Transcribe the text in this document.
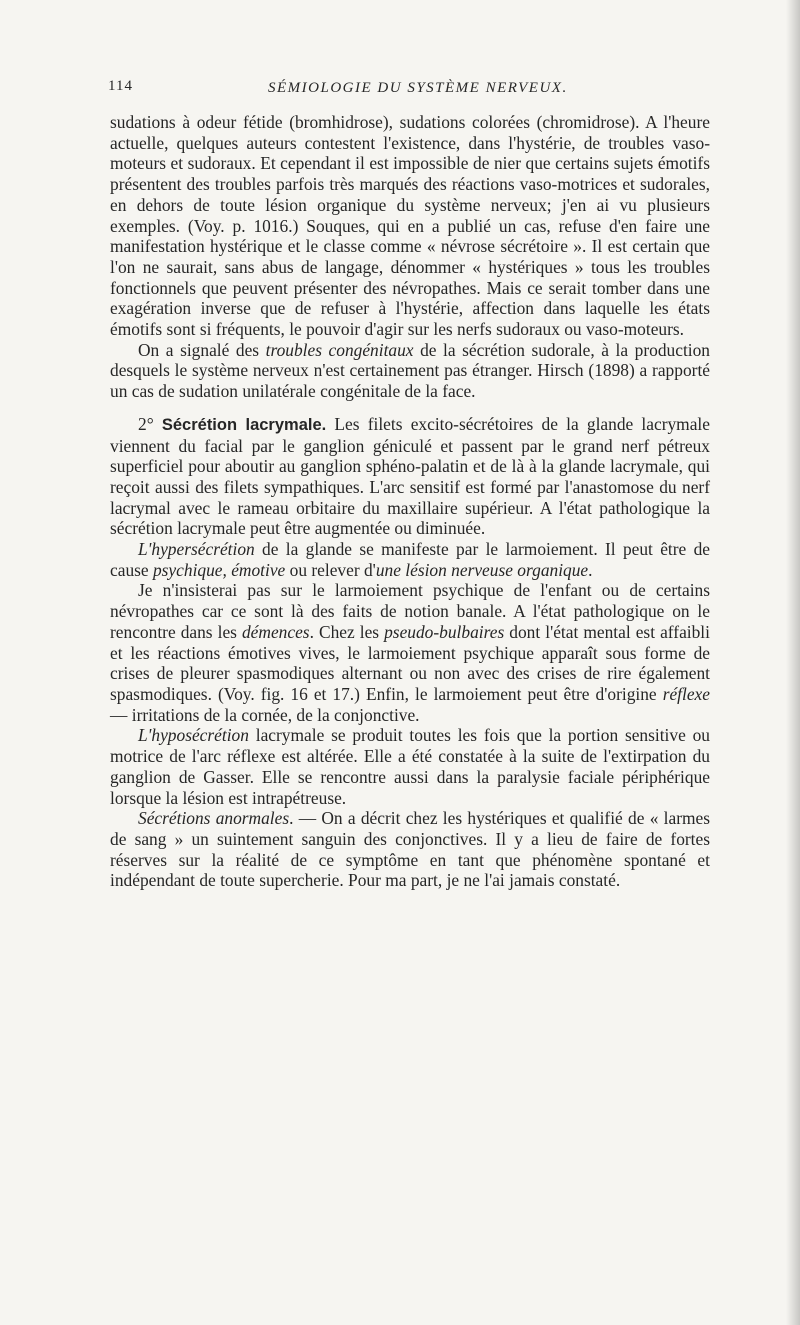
114	SÉMIOLOGIE DU SYSTÈME NERVEUX.

sudations à odeur fétide (bromhidrose), sudations colorées (chromidrose). A l'heure actuelle, quelques auteurs contestent l'existence, dans l'hystérie, de troubles vaso-moteurs et sudoraux. Et cependant il est impossible de nier que certains sujets émotifs présentent des troubles parfois très marqués des réactions vaso-motrices et sudorales, en dehors de toute lésion organique du système nerveux; j'en ai vu plusieurs exemples. (Voy. p. 1016.) Souques, qui en a publié un cas, refuse d'en faire une manifestation hystérique et le classe comme « névrose sécrétoire ». Il est certain que l'on ne saurait, sans abus de langage, dénommer « hystériques » tous les troubles fonctionnels que peuvent présenter des névropathes. Mais ce serait tomber dans une exagération inverse que de refuser à l'hystérie, affection dans laquelle les états émotifs sont si fréquents, le pouvoir d'agir sur les nerfs sudoraux ou vaso-moteurs.

On a signalé des troubles congénitaux de la sécrétion sudorale, à la production desquels le système nerveux n'est certainement pas étranger. Hirsch (1898) a rapporté un cas de sudation unilatérale congénitale de la face.

2° Sécrétion lacrymale. Les filets excito-sécrétoires de la glande lacrymale viennent du facial par le ganglion géniculé et passent par le grand nerf pétreux superficiel pour aboutir au ganglion sphéno-palatin et de là à la glande lacrymale, qui reçoit aussi des filets sympathiques. L'arc sensitif est formé par l'anastomose du nerf lacrymal avec le rameau orbitaire du maxillaire supérieur. A l'état pathologique la sécrétion lacrymale peut être augmentée ou diminuée.

L'hypersécrétion de la glande se manifeste par le larmoiement. Il peut être de cause psychique, émotive ou relever d'une lésion nerveuse organique.

Je n'insisterai pas sur le larmoiement psychique de l'enfant ou de certains névropathes car ce sont là des faits de notion banale. A l'état pathologique on le rencontre dans les démences. Chez les pseudo-bulbaires dont l'état mental est affaibli et les réactions émotives vives, le larmoiement psychique apparaît sous forme de crises de pleurer spasmodiques alternant ou non avec des crises de rire également spasmodiques. (Voy. fig. 16 et 17.) Enfin, le larmoiement peut être d'origine réflexe — irritations de la cornée, de la conjonctive.

L'hyposécrétion lacrymale se produit toutes les fois que la portion sensitive ou motrice de l'arc réflexe est altérée. Elle a été constatée à la suite de l'extirpation du ganglion de Gasser. Elle se rencontre aussi dans la paralysie faciale périphérique lorsque la lésion est intrapétreuse.

Sécrétions anormales. — On a décrit chez les hystériques et qualifié de « larmes de sang » un suintement sanguin des conjonctives. Il y a lieu de faire de fortes réserves sur la réalité de ce symptôme en tant que phénomène spontané et indépendant de toute supercherie. Pour ma part, je ne l'ai jamais constaté.
